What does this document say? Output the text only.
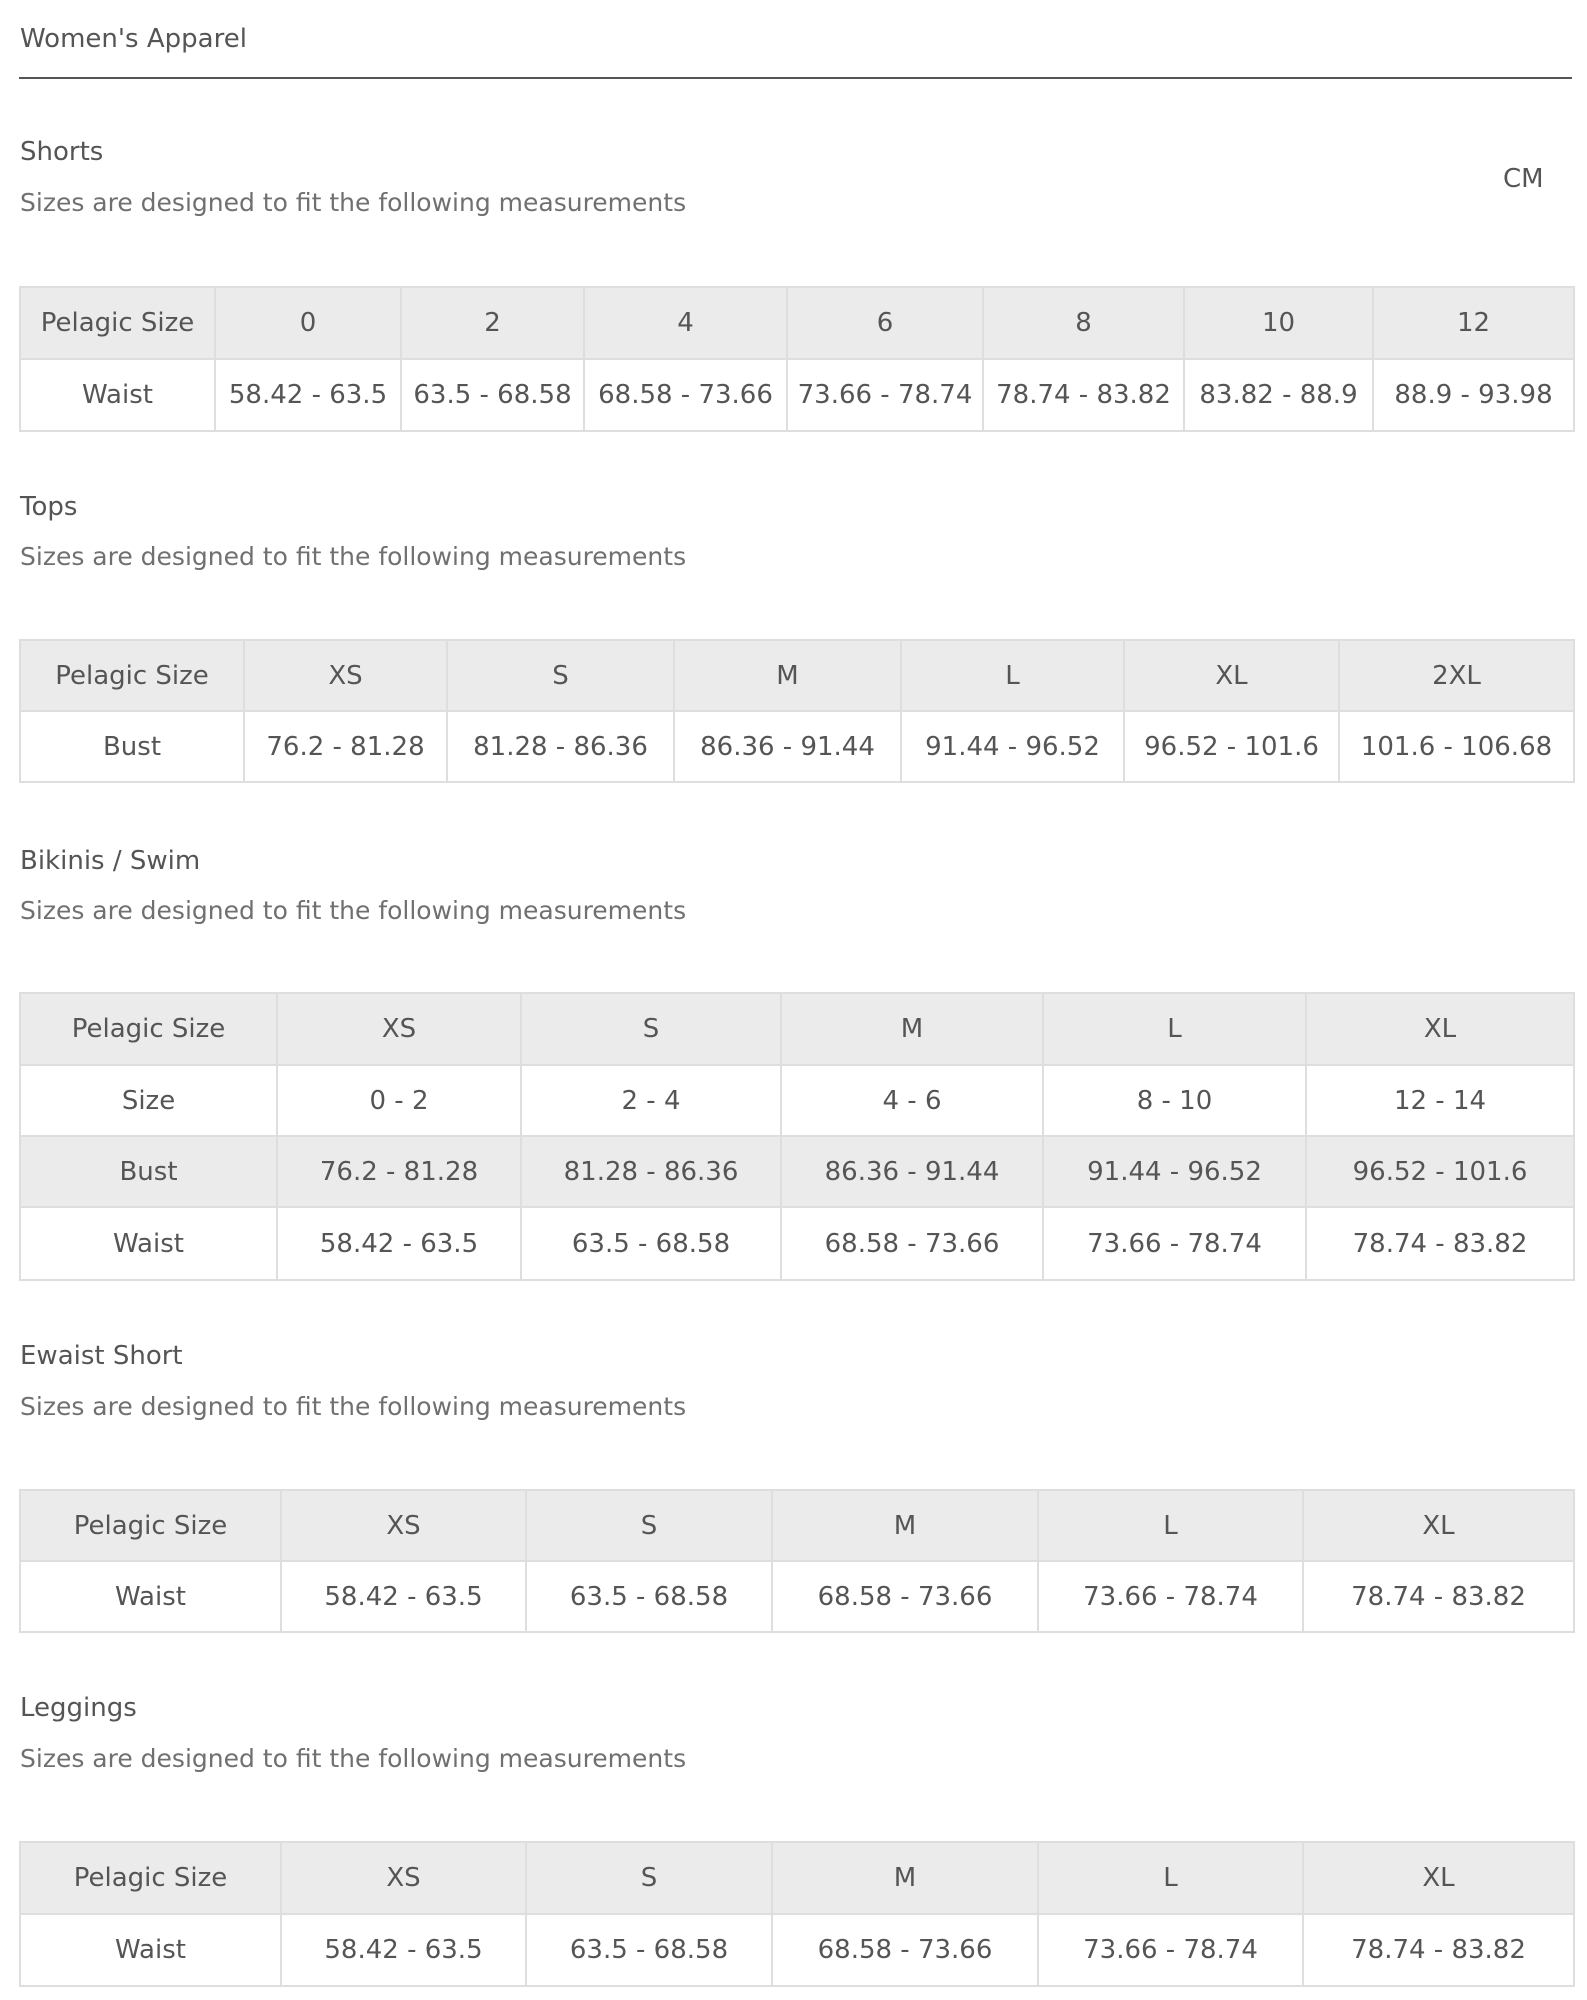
Women's Apparel
CM
Shorts
Sizes are designed to fit the following measurements
Pelagic Size	0	2	4	6	8	10	12
Waist	58.42 - 63.5	63.5 - 68.58	68.58 - 73.66	73.66 - 78.74	78.74 - 83.82	83.82 - 88.9	88.9 - 93.98
Tops
Sizes are designed to fit the following measurements
Pelagic Size	XS	S	M	L	XL	2XL
Bust	76.2 - 81.28	81.28 - 86.36	86.36 - 91.44	91.44 - 96.52	96.52 - 101.6	101.6 - 106.68
Bikinis / Swim
Sizes are designed to fit the following measurements
Pelagic Size	XS	S	M	L	XL
Size	0 - 2	2 - 4	4 - 6	8 - 10	12 - 14
Bust	76.2 - 81.28	81.28 - 86.36	86.36 - 91.44	91.44 - 96.52	96.52 - 101.6
Waist	58.42 - 63.5	63.5 - 68.58	68.58 - 73.66	73.66 - 78.74	78.74 - 83.82
Ewaist Short
Sizes are designed to fit the following measurements
Pelagic Size	XS	S	M	L	XL
Waist	58.42 - 63.5	63.5 - 68.58	68.58 - 73.66	73.66 - 78.74	78.74 - 83.82
Leggings
Sizes are designed to fit the following measurements
Pelagic Size	XS	S	M	L	XL
Waist	58.42 - 63.5	63.5 - 68.58	68.58 - 73.66	73.66 - 78.74	78.74 - 83.82
